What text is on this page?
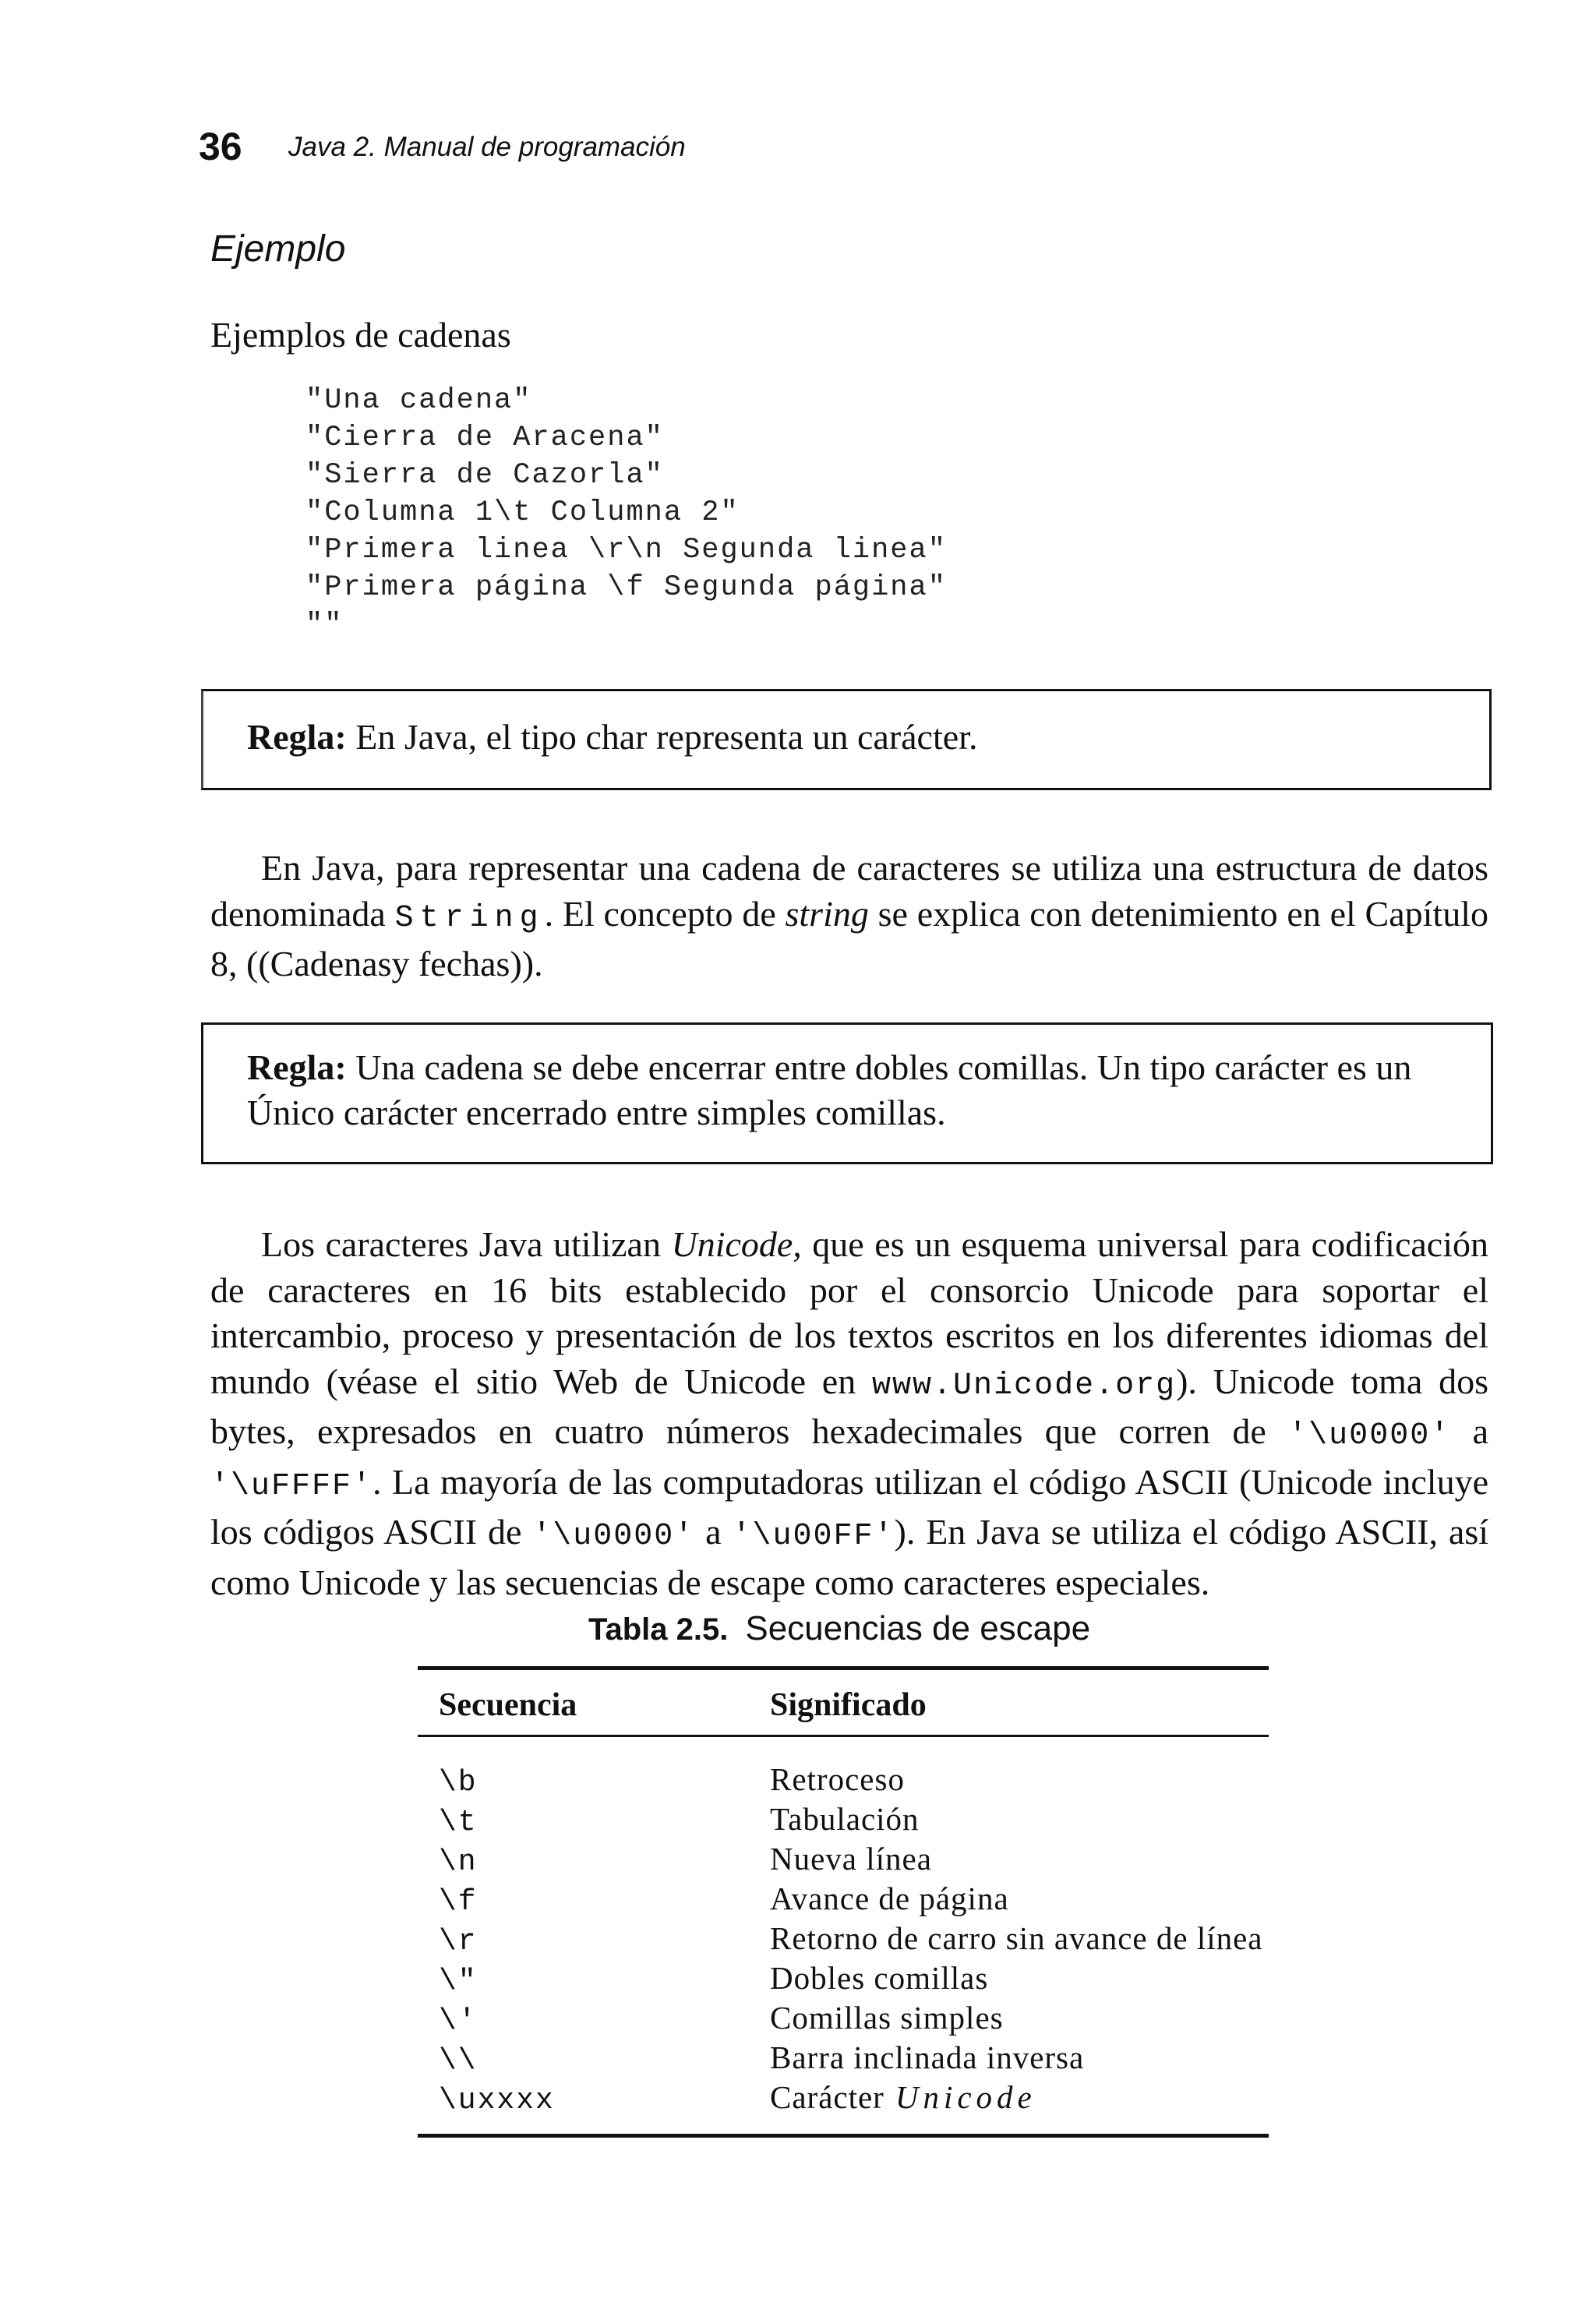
36 Java 2. Manual de programación
Ejemplo
Ejemplos de cadenas
"Una cadena"
"Cierra de Aracena"
"Sierra de Cazorla"
"Columna 1\t Columna 2"
"Primera linea \r\n Segunda linea"
"Primera página \f Segunda página"
""
Regla: En Java, el tipo char representa un carácter.

En Java, para representar una cadena de caracteres se utiliza una estructura de datos denominada String. El concepto de string se explica con detenimiento en el Capítulo 8, ((Cadenasy fechas)).

Regla: Una cadena se debe encerrar entre dobles comillas. Un tipo carácter es un Único carácter encerrado entre simples comillas.

Los caracteres Java utilizan Unicode, que es un esquema universal para codificación de caracteres en 16 bits establecido por el consorcio Unicode para soportar el intercambio, proceso y presentación de los textos escritos en los diferentes idiomas del mundo (véase el sitio Web de Unicode en www.Unicode.org). Unicode toma dos bytes, expresados en cuatro números hexadecimales que corren de '\u0000' a '\uFFFF'. La mayoría de las computadoras utilizan el código ASCII (Unicode incluye los códigos ASCII de '\u0000' a '\u00FF'). En Java se utiliza el código ASCII, así como Unicode y las secuencias de escape como caracteres especiales.

Tabla 2.5. Secuencias de escape
Secuencia	Significado
\b	Retroceso
\t	Tabulación
\n	Nueva línea
\f	Avance de página
\r	Retorno de carro sin avance de línea
\"	Dobles comillas
\'	Comillas simples
\\	Barra inclinada inversa
\uxxxx	Carácter Unicode
